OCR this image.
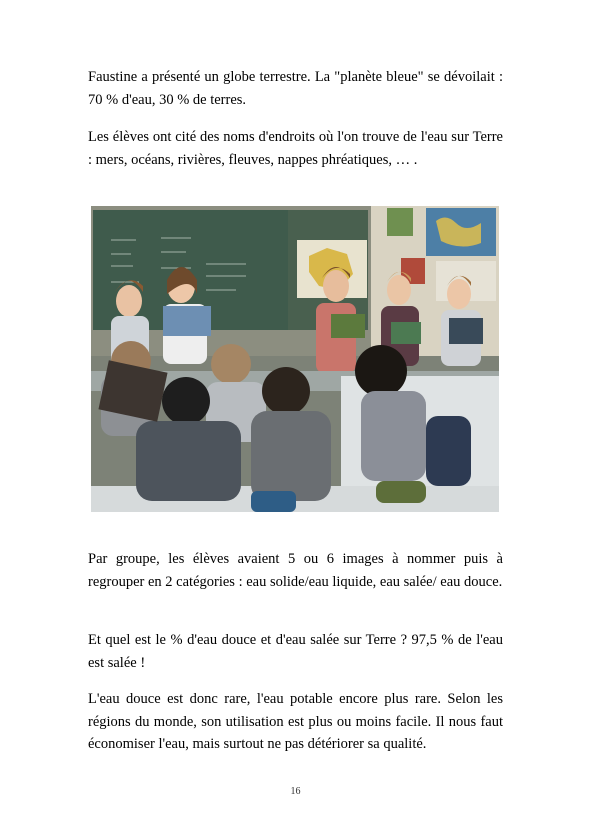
Faustine a présenté un globe terrestre. La "planète bleue" se dévoilait : 70 % d'eau, 30 % de terres.

Les élèves ont cité des noms d'endroits où l'on trouve de l'eau sur Terre : mers, océans, rivières, fleuves, nappes phréatiques, … .

Par groupe, les élèves avaient 5 ou 6 images à nommer puis à regrouper en 2 catégories : eau solide/eau liquide, eau salée/ eau douce.

Et quel est le % d'eau douce et d'eau salée sur Terre ? 97,5 % de l'eau est salée !

L'eau douce est donc rare, l'eau potable encore plus rare. Selon les régions du monde, son utilisation est plus ou moins facile. Il nous faut économiser l'eau, mais surtout ne pas détériorer sa qualité.

16
